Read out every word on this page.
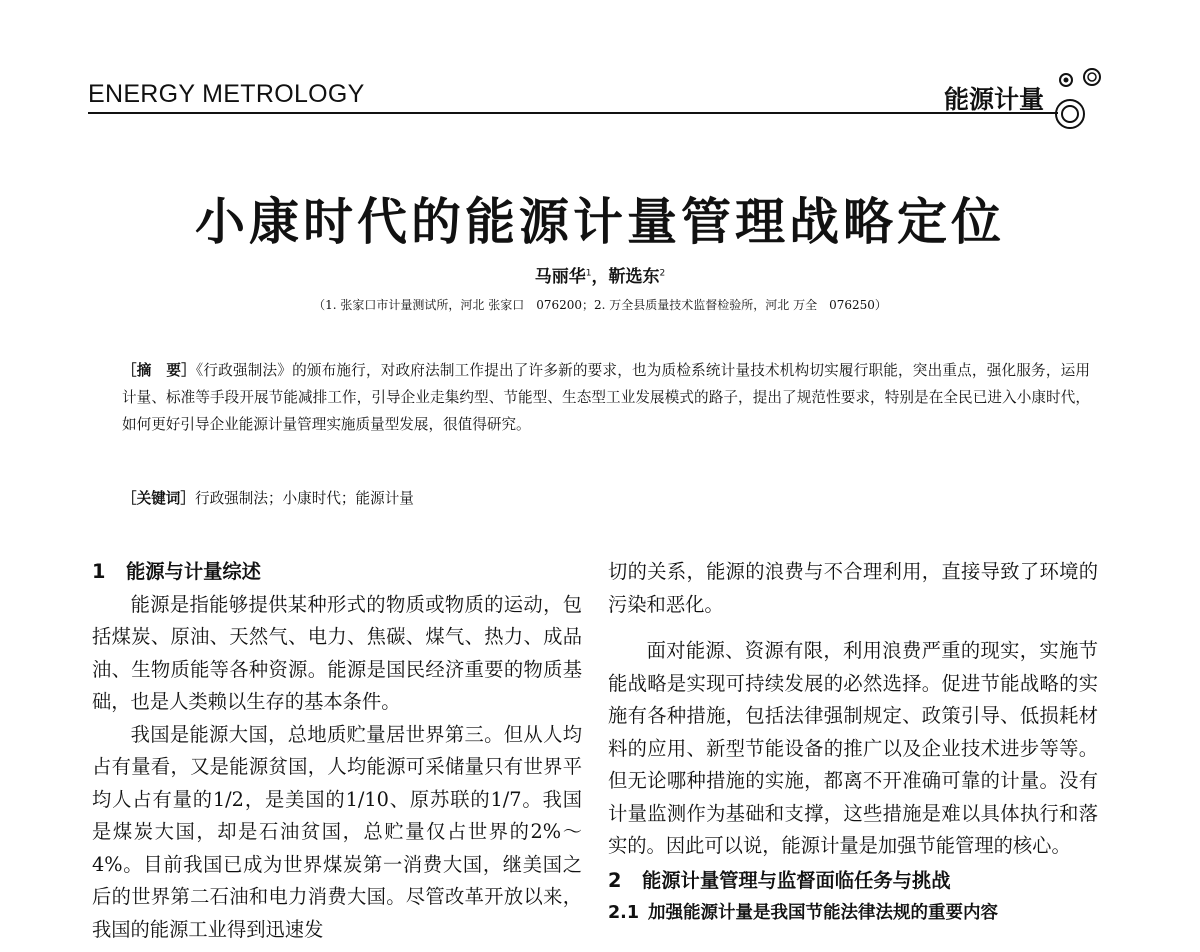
ENERGY METROLOGY	能源计量
小康时代的能源计量管理战略定位
马丽华$^1$，靳选东$^2$
（1. 张家口市计量测试所，河北 张家口　076200；2. 万全县质量技术监督检验所，河北 万全　076250）
［摘　要］《行政强制法》的颁布施行，对政府法制工作提出了许多新的要求，也为质检系统计量技术机构切实履行职能，突出重点，强化服务，运用计量、标准等手段开展节能减排工作，引导企业走集约型、节能型、生态型工业发展模式的路子，提出了规范性要求，特别是在全民已进入小康时代，如何更好引导企业能源计量管理实施质量型发展，很值得研究。
［关键词］行政强制法；小康时代；能源计量
1 能源与计量综述

能源是指能够提供某种形式的物质或物质的运动，包括煤炭、原油、天然气、电力、焦碳、煤气、热力、成品油、生物质能等各种资源。能源是国民经济重要的物质基础，也是人类赖以生存的基本条件。

我国是能源大国，总地质贮量居世界第三。但从人均占有量看，又是能源贫国，人均能源可采储量只有世界平均人占有量的1/2，是美国的1/10、原苏联的1/7。我国是煤炭大国，却是石油贫国，总贮量仅占世界的2%～4%。目前我国已成为世界煤炭第一消费大国，继美国之后的世界第二石油和电力消费大国。尽管改革开放以来，我国的能源工业得到迅速发

切的关系，能源的浪费与不合理利用，直接导致了环境的污染和恶化。

面对能源、资源有限，利用浪费严重的现实，实施节能战略是实现可持续发展的必然选择。促进节能战略的实施有各种措施，包括法律强制规定、政策引导、低损耗材料的应用、新型节能设备的推广以及企业技术进步等等。但无论哪种措施的实施，都离不开准确可靠的计量。没有计量监测作为基础和支撑，这些措施是难以具体执行和落实的。因此可以说，能源计量是加强节能管理的核心。

2 能源计量管理与监督面临任务与挑战
2.1 加强能源计量是我国节能法律法规的重要内容
